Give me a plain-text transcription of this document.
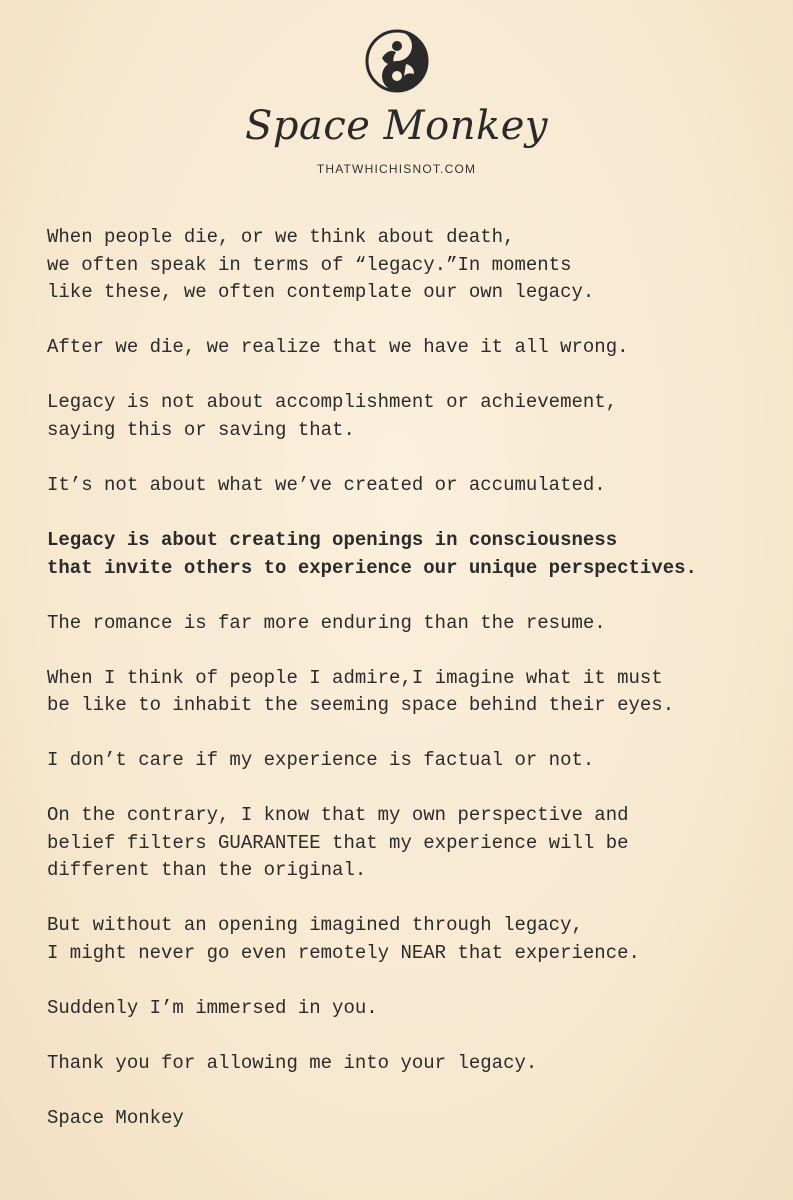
Space Monkey
THATWHICHISNOT.COM
When people die, or we think about death,
we often speak in terms of “legacy.”In moments
like these, we often contemplate our own legacy.
After we die, we realize that we have it all wrong.
Legacy is not about accomplishment or achievement,
saying this or saving that.
It’s not about what we’ve created or accumulated.
Legacy is about creating openings in consciousness
that invite others to experience our unique perspectives.
The romance is far more enduring than the resume.
When I think of people I admire,I imagine what it must
be like to inhabit the seeming space behind their eyes.
I don’t care if my experience is factual or not.
On the contrary, I know that my own perspective and
belief filters GUARANTEE that my experience will be
different than the original.
But without an opening imagined through legacy,
I might never go even remotely NEAR that experience.
Suddenly I’m immersed in you.
Thank you for allowing me into your legacy.
Space Monkey
